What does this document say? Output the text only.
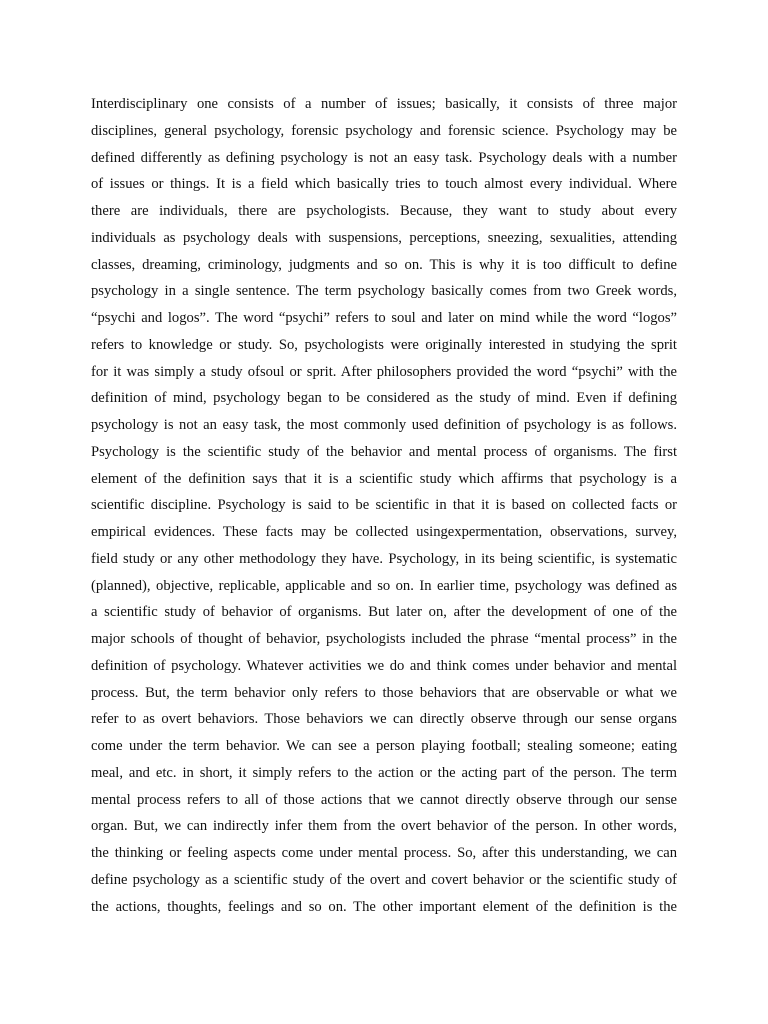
Interdisciplinary one consists of a number of issues; basically, it consists of three major
disciplines, general psychology, forensic psychology and forensic science. Psychology may be
defined differently as defining psychology is not an easy task. Psychology deals with a number
of issues or things. It is a field which basically tries to touch almost every individual. Where
there are individuals, there are psychologists. Because, they want to study about every
individuals as psychology deals with suspensions, perceptions, sneezing, sexualities, attending
classes, dreaming, criminology, judgments and so on. This is why it is too difficult to define
psychology in a single sentence. The term psychology basically comes from two Greek words,
“psychi and logos”. The word “psychi” refers to soul and later on mind while the word “logos”
refers to knowledge or study. So, psychologists were originally interested in studying the sprit
for it was simply a study ofsoul or sprit. After philosophers provided the word “psychi” with the
definition of mind, psychology began to be considered as the study of mind. Even if defining
psychology is not an easy task, the most commonly used definition of psychology is as follows.
Psychology is the scientific study of the behavior and mental process of organisms. The first
element of the definition says that it is a scientific study which affirms that psychology is a
scientific discipline. Psychology is said to be scientific in that it is based on collected facts or
empirical evidences. These facts may be collected usingexpermentation, observations, survey,
field study or any other methodology they have. Psychology, in its being scientific, is systematic
(planned), objective, replicable, applicable and so on. In earlier time, psychology was defined as
a scientific study of behavior of organisms. But later on, after the development of one of the
major schools of thought of behavior, psychologists included the phrase “mental process” in the
definition of psychology. Whatever activities we do and think comes under behavior and mental
process. But, the term behavior only refers to those behaviors that are observable or what we
refer to as overt behaviors. Those behaviors we can directly observe through our sense organs
come under the term behavior. We can see a person playing football; stealing someone; eating
meal, and etc. in short, it simply refers to the action or the acting part of the person. The term
mental process refers to all of those actions that we cannot directly observe through our sense
organ. But, we can indirectly infer them from the overt behavior of the person. In other words,
the thinking or feeling aspects come under mental process. So, after this understanding, we can
define psychology as a scientific study of the overt and covert behavior or the scientific study of
the actions, thoughts, feelings and so on. The other important element of the definition is the
